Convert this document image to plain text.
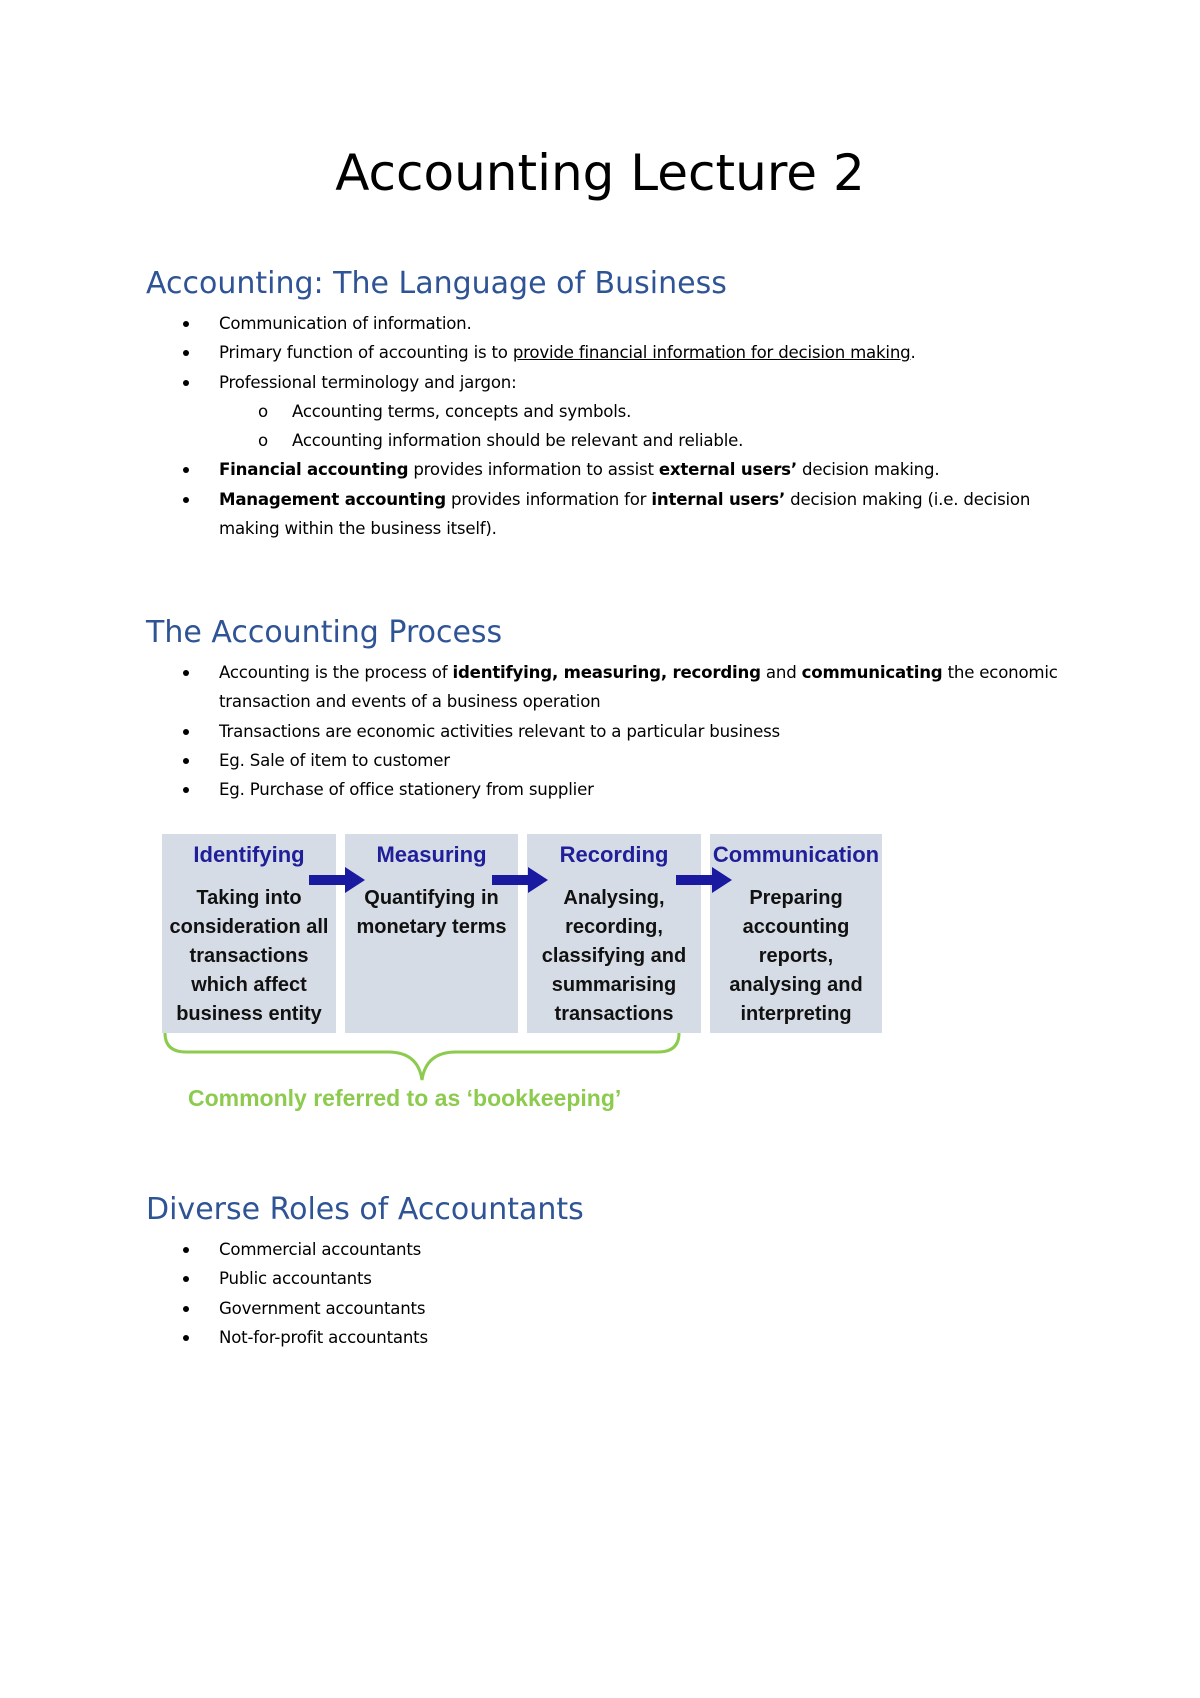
Accounting Lecture 2
Accounting: The Language of Business
Communication of information.
Primary function of accounting is to provide financial information for decision making.
Professional terminology and jargon:
o Accounting terms, concepts and symbols.
o Accounting information should be relevant and reliable.
Financial accounting provides information to assist external users’ decision making.
Management accounting provides information for internal users’ decision making (i.e. decision making within the business itself).
The Accounting Process
Accounting is the process of identifying, measuring, recording and communicating the economic transaction and events of a business operation
Transactions are economic activities relevant to a particular business
Eg. Sale of item to customer
Eg. Purchase of office stationery from supplier
Identifying
Taking into
consideration all
transactions
which affect
business entity
Measuring
Quantifying in
monetary terms
Recording
Analysing,
recording,
classifying and
summarising
transactions
Communication
Preparing
accounting
reports,
analysing and
interpreting
Commonly referred to as ‘bookkeeping’
Diverse Roles of Accountants
Commercial accountants
Public accountants
Government accountants
Not-for-profit accountants
